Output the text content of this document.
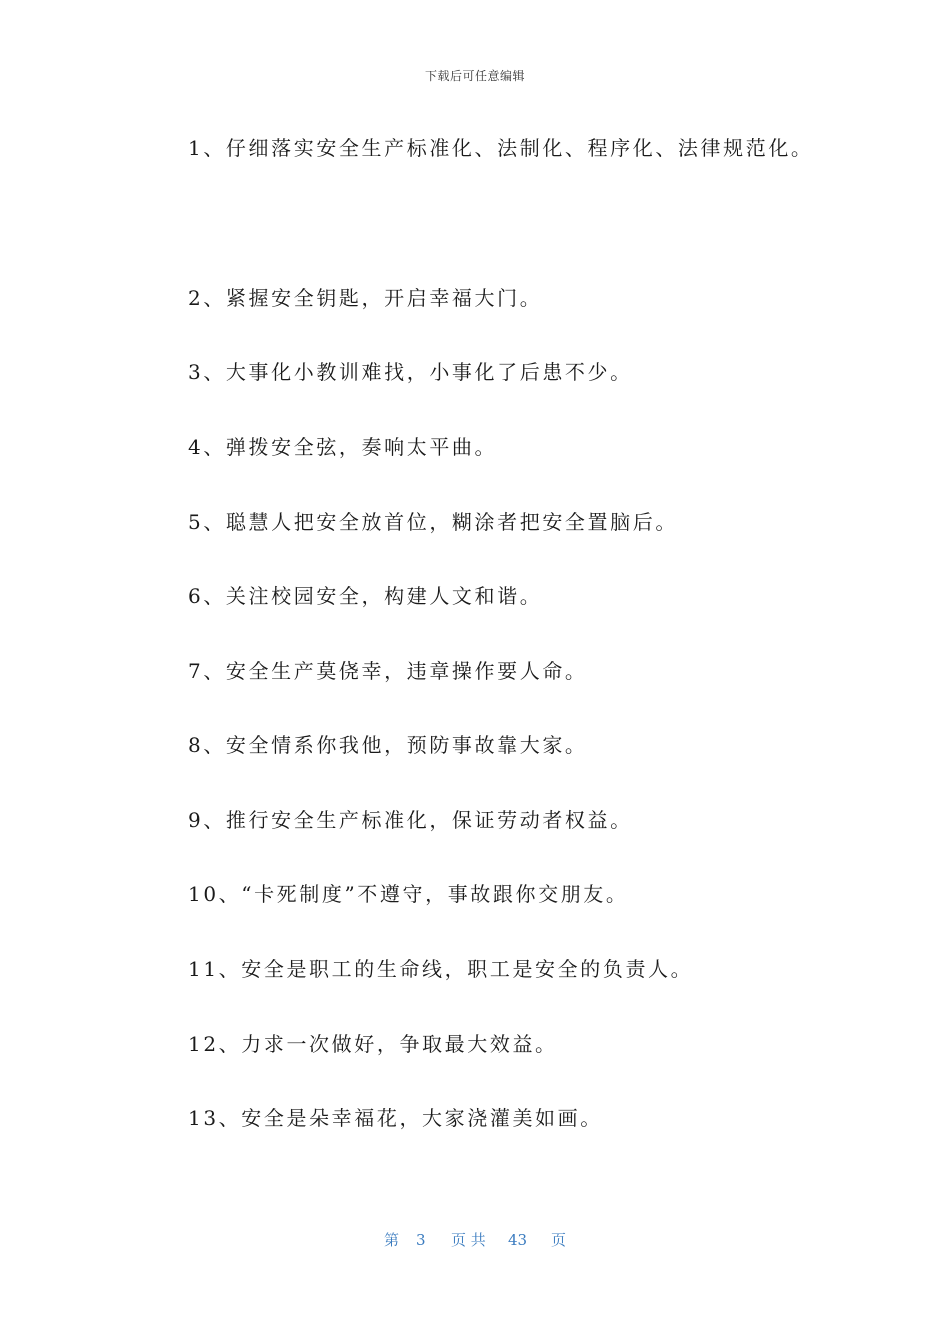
下载后可任意编辑
1、仔细落实安全生产标准化、法制化、程序化、法律规范化。
2、紧握安全钥匙，开启幸福大门。
3、大事化小教训难找，小事化了后患不少。
4、弹拨安全弦，奏响太平曲。
5、聪慧人把安全放首位，糊涂者把安全置脑后。
6、关注校园安全，构建人文和谐。
7、安全生产莫侥幸，违章操作要人命。
8、安全情系你我他，预防事故靠大家。
9、推行安全生产标准化，保证劳动者权益。
10、“卡死制度”不遵守，事故跟你交朋友。
11、安全是职工的生命线，职工是安全的负责人。
12、力求一次做好，争取最大效益。
13、安全是朵幸福花，大家浇灌美如画。
第 3 页 共 43 页
